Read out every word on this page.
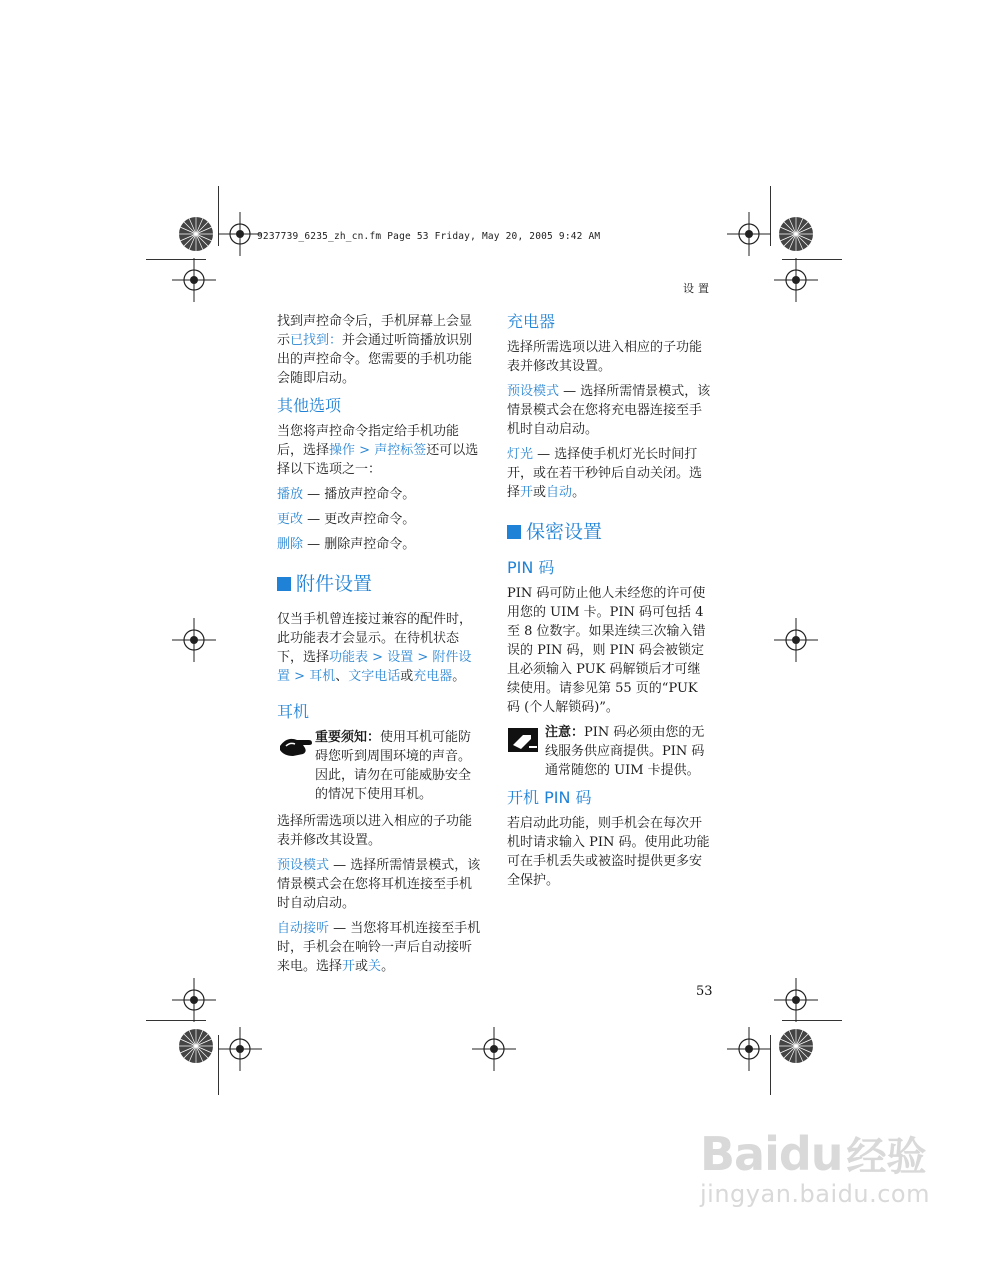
9237739_6235_zh_cn.fm Page 53 Friday, May 20, 2005 9:42 AM
设置
53

找到声控命令后，手机屏幕上会显示已找到：并会通过听筒播放识别出的声控命令。您需要的手机功能会随即启动。

其他选项

当您将声控命令指定给手机功能后，选择操作 > 声控标签还可以选择以下选项之一：

播放 — 播放声控命令。

更改 — 更改声控命令。

删除 — 删除声控命令。

附件设置

仅当手机曾连接过兼容的配件时，此功能表才会显示。在待机状态下，选择功能表 > 设置 > 附件设置 > 耳机、文字电话或充电器。

耳机
重要须知：使用耳机可能防碍您听到周围环境的声音。因此，请勿在可能威胁安全的情况下使用耳机。

选择所需选项以进入相应的子功能表并修改其设置。

预设模式 — 选择所需情景模式，该情景模式会在您将耳机连接至手机时自动启动。

自动接听 — 当您将耳机连接至手机时，手机会在响铃一声后自动接听来电。选择开或关。

充电器

选择所需选项以进入相应的子功能表并修改其设置。

预设模式 — 选择所需情景模式，该情景模式会在您将充电器连接至手机时自动启动。

灯光 — 选择使手机灯光长时间打开，或在若干秒钟后自动关闭。选择开或自动。

保密设置
PIN 码

PIN 码可防止他人未经您的许可使用您的 UIM 卡。PIN 码可包括 4 至 8 位数字。如果连续三次输入错误的 PIN 码，则 PIN 码会被锁定且必须输入 PUK 码解锁后才可继续使用。请参见第 55 页的“PUK 码 (个人解锁码)”。

注意：PIN 码必须由您的无线服务供应商提供。PIN 码通常随您的 UIM 卡提供。
开机 PIN 码

若启动此功能，则手机会在每次开机时请求输入 PIN 码。使用此功能可在手机丢失或被盗时提供更多安全保护。

Baidu 经验
jingyan.baidu.com
